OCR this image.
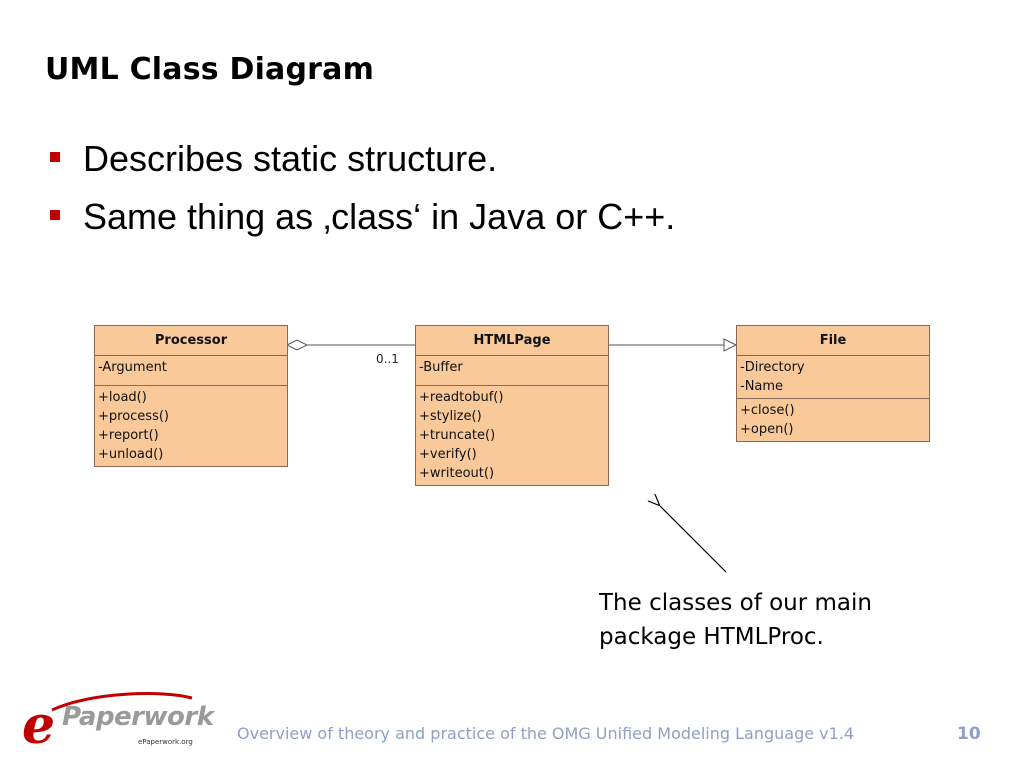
UML Class Diagram
Describes static structure.
Same thing as ‚class‘ in Java or C++.
0..1
Processor
-Argument
+load()
+process()
+report()
+unload()
HTMLPage
-Buffer
+readtobuf()
+stylize()
+truncate()
+verify()
+writeout()
File
-Directory
-Name
+close()
+open()
The classes of our main
package HTMLProc.
e Paperwork
ePaperwork.org	Overview of theory and practice of the OMG Unified Modeling Language v1.4	10
